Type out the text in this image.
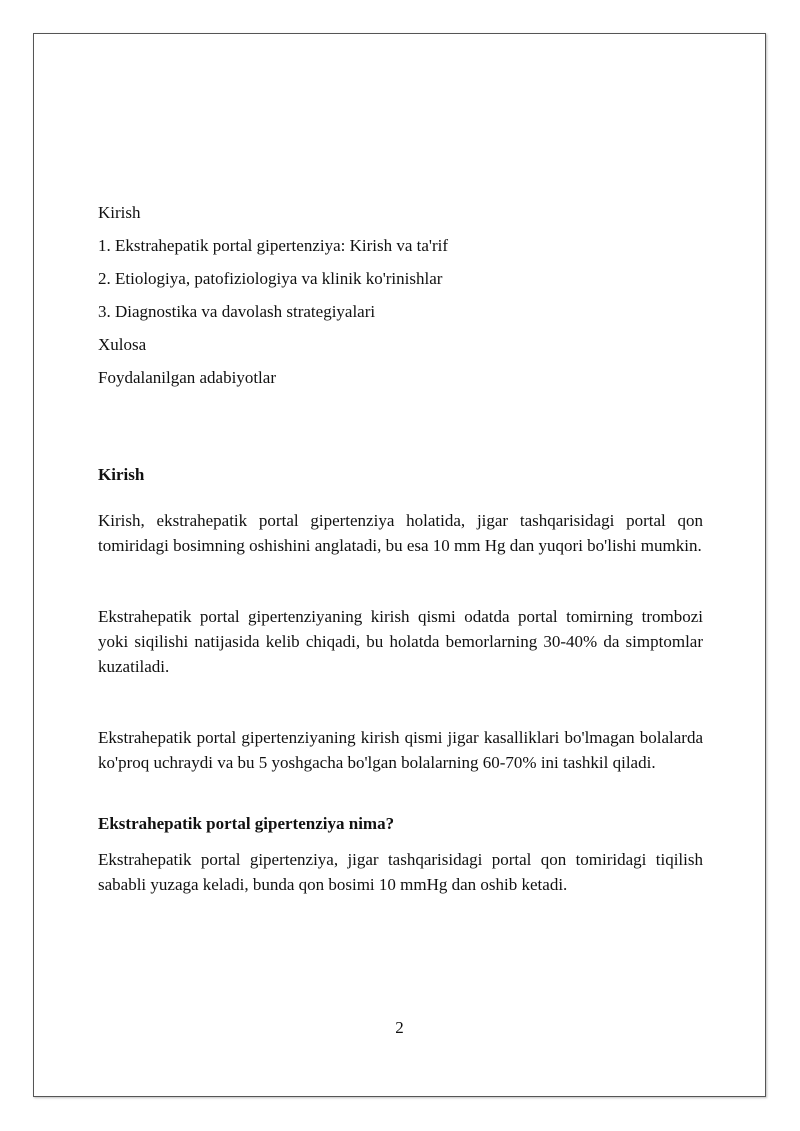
Kirish
1. Ekstrahepatik portal gipertenziya: Kirish va ta'rif
2. Etiologiya, patofiziologiya va klinik ko'rinishlar
3. Diagnostika va davolash strategiyalari
Xulosa
Foydalanilgan adabiyotlar
Kirish

Kirish, ekstrahepatik portal gipertenziya holatida, jigar tashqarisidagi portal qon tomiridagi bosimning oshishini anglatadi, bu esa 10 mm Hg dan yuqori bo'lishi mumkin.

Ekstrahepatik portal gipertenziyaning kirish qismi odatda portal tomirning trombozi yoki siqilishi natijasida kelib chiqadi, bu holatda bemorlarning 30-40% da simptomlar kuzatiladi.

Ekstrahepatik portal gipertenziyaning kirish qismi jigar kasalliklari bo'lmagan bolalarda ko'proq uchraydi va bu 5 yoshgacha bo'lgan bolalarning 60-70% ini tashkil qiladi.

Ekstrahepatik portal gipertenziya nima?

Ekstrahepatik portal gipertenziya, jigar tashqarisidagi portal qon tomiridagi tiqilish sababli yuzaga keladi, bunda qon bosimi 10 mmHg dan oshib ketadi.

2
